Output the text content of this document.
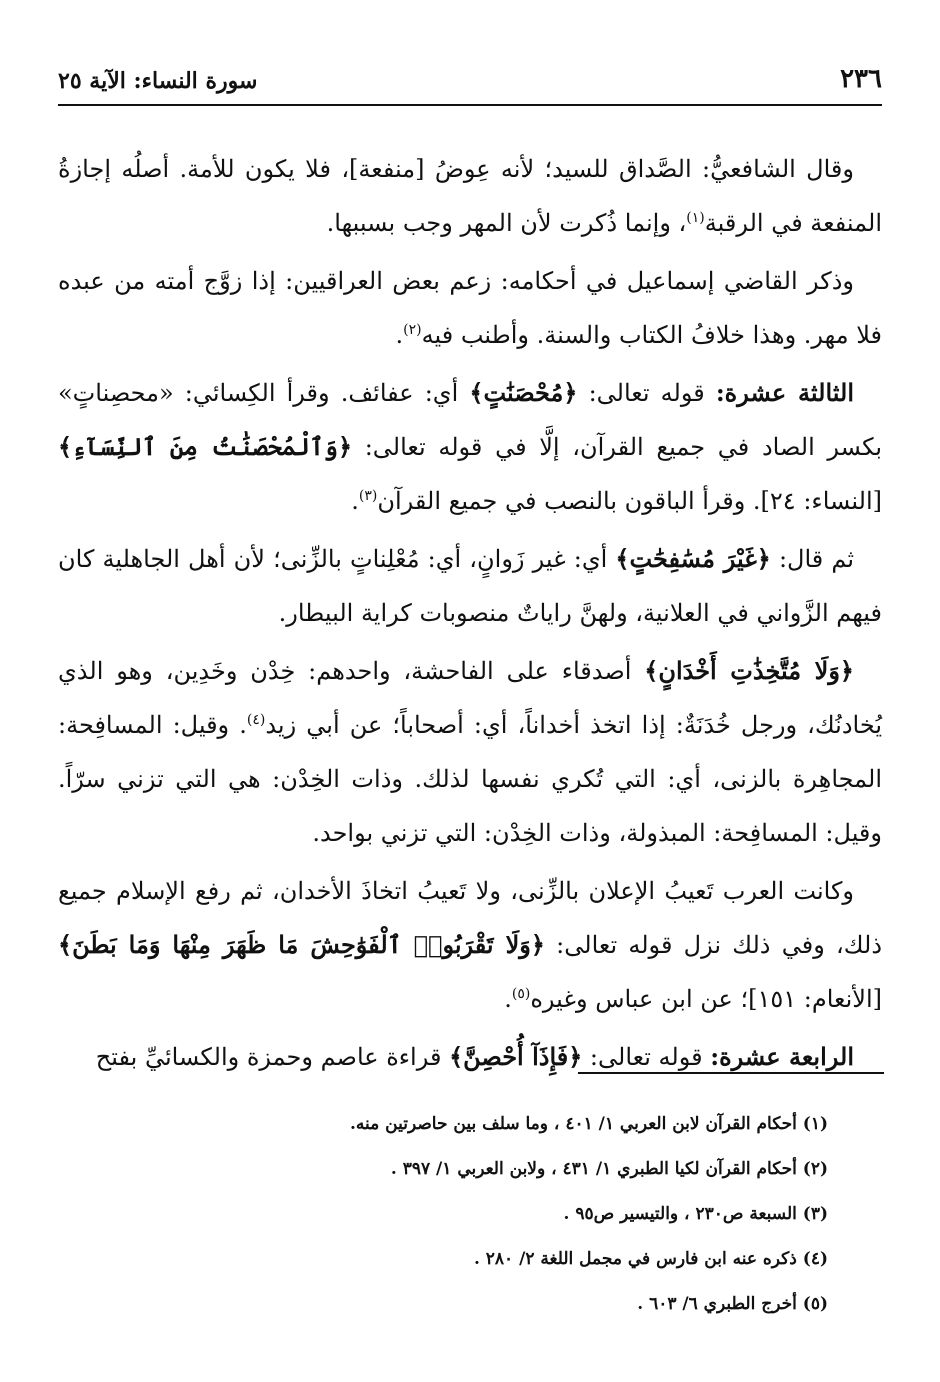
٢٣٦
سورة النساء: الآية ٢٥

وقال الشافعيُّ: الصَّداق للسيد؛ لأنه عِوضُ [منفعة]، فلا يكون للأمة. أصلُه إجازةُ المنفعة في الرقبة$^{(١)}$، وإنما ذُكرت لأن المهر وجب بسببها.

وذكر القاضي إسماعيل في أحكامه: زعم بعض العراقيين: إذا زوَّج أمته من عبده فلا مهر. وهذا خلافُ الكتاب والسنة. وأطنب فيه$^{(٢)}$.

الثالثة عشرة: قوله تعالى: ﴿مُحْصَنَٰتٍ﴾ أي: عفائف. وقرأ الكِسائي: «محصِناتٍ» بكسر الصاد في جميع القرآن، إلَّا في قوله تعالى: ﴿وَٱلْمُحْصَنَٰتُ مِنَ ٱلنِّسَآءِ﴾ [النساء: ٢٤]. وقرأ الباقون بالنصب في جميع القرآن$^{(٣)}$.

ثم قال: ﴿غَيْرَ مُسَٰفِحَٰتٍ﴾ أي: غير زَوانٍ، أي: مُعْلِناتٍ بالزِّنى؛ لأن أهل الجاهلية كان فيهم الزَّواني في العلانية، ولهنَّ راياتٌ منصوبات كراية البيطار.

﴿وَلَا مُتَّخِذَٰتِ أَخْدَانٍ﴾ أصدقاء على الفاحشة، واحدهم: خِدْن وخَدِين، وهو الذي يُخادنُك، ورجل خُدَنَةٌ: إذا اتخذ أخداناً، أي: أصحاباً؛ عن أبي زيد$^{(٤)}$. وقيل: المسافِحة: المجاهِرة بالزنى، أي: التي تُكري نفسها لذلك. وذات الخِدْن: هي التي تزني سرّاً. وقيل: المسافِحة: المبذولة، وذات الخِدْن: التي تزني بواحد.

وكانت العرب تَعيبُ الإعلان بالزِّنى، ولا تَعيبُ اتخاذَ الأخدان، ثم رفع الإسلام جميع ذلك، وفي ذلك نزل قوله تعالى: ﴿وَلَا تَقْرَبُوا۟ ٱلْفَوَٰحِشَ مَا ظَهَرَ مِنْهَا وَمَا بَطَنَ﴾ [الأنعام: ١٥١]؛ عن ابن عباس وغيره$^{(٥)}$.

الرابعة عشرة: قوله تعالى: ﴿فَإِذَآ أُحْصِنَّ﴾ قراءة عاصم وحمزة والكسائيِّ بفتح

(١) أحكام القرآن لابن العربي ١/ ٤٠١ ، وما سلف بين حاصرتين منه.

(٢) أحكام القرآن لكيا الطبري ١/ ٤٣١ ، ولابن العربي ١/ ٣٩٧ .

(٣) السبعة ص٢٣٠ ، والتيسير ص٩٥ .

(٤) ذكره عنه ابن فارس في مجمل اللغة ٢/ ٢٨٠ .

(٥) أخرج الطبري ٦/ ٦٠٣ .
